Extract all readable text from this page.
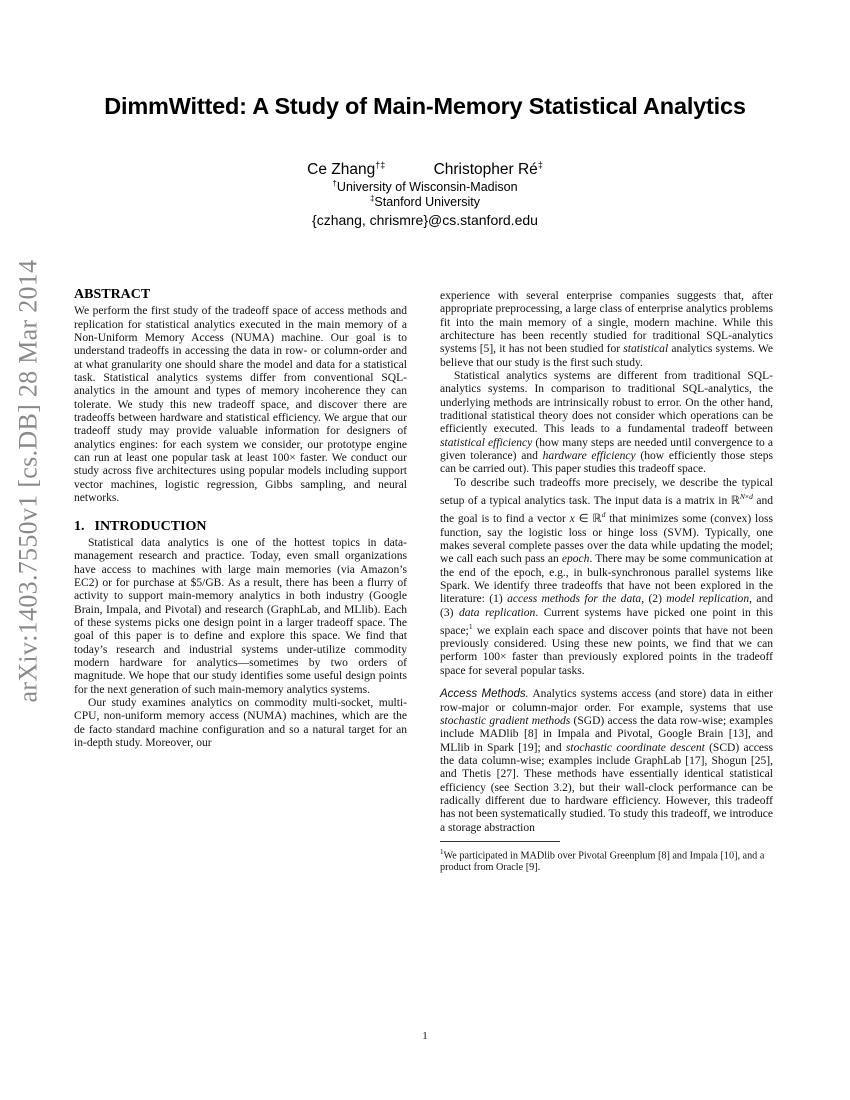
DimmWitted: A Study of Main-Memory Statistical Analytics
Ce Zhang†‡	Christopher Ré‡
†University of Wisconsin-Madison
‡Stanford University
{czhang, chrismre}@cs.stanford.edu
arXiv:1403.7550v1 [cs.DB] 28 Mar 2014 ABSTRACT

We perform the first study of the tradeoff space of access methods and replication for statistical analytics executed in the main memory of a Non-Uniform Memory Access (NUMA) machine. Our goal is to understand tradeoffs in accessing the data in row- or column-order and at what granularity one should share the model and data for a statistical task. Statistical analytics systems differ from conventional SQL-analytics in the amount and types of memory incoherence they can tolerate. We study this new tradeoff space, and discover there are tradeoffs between hardware and statistical efficiency. We argue that our tradeoff study may provide valuable information for designers of analytics engines: for each system we consider, our prototype engine can run at least one popular task at least 100× faster. We conduct our study across five architectures using popular models including support vector machines, logistic regression, Gibbs sampling, and neural networks.

1. INTRODUCTION

Statistical data analytics is one of the hottest topics in data-management research and practice. Today, even small organizations have access to machines with large main memories (via Amazon’s EC2) or for purchase at $5/GB. As a result, there has been a flurry of activity to support main-memory analytics in both industry (Google Brain, Impala, and Pivotal) and research (GraphLab, and MLlib). Each of these systems picks one design point in a larger tradeoff space. The goal of this paper is to define and explore this space. We find that today’s research and industrial systems under-utilize commodity modern hardware for analytics—sometimes by two orders of magnitude. We hope that our study identifies some useful design points for the next generation of such main-memory analytics systems.

Our study examines analytics on commodity multi-socket, multi-CPU, non-uniform memory access (NUMA) machines, which are the de facto standard machine configuration and so a natural target for an in-depth study. Moreover, our

experience with several enterprise companies suggests that, after appropriate preprocessing, a large class of enterprise analytics problems fit into the main memory of a single, modern machine. While this architecture has been recently studied for traditional SQL-analytics systems [5], it has not been studied for statistical analytics systems. We believe that our study is the first such study.

Statistical analytics systems are different from traditional SQL-analytics systems. In comparison to traditional SQL-analytics, the underlying methods are intrinsically robust to error. On the other hand, traditional statistical theory does not consider which operations can be efficiently executed. This leads to a fundamental tradeoff between statistical efficiency (how many steps are needed until convergence to a given tolerance) and hardware efficiency (how efficiently those steps can be carried out). This paper studies this tradeoff space.

To describe such tradeoffs more precisely, we describe the typical setup of a typical analytics task. The input data is a matrix in ℝ$^{N\times d}$ and the goal is to find a vector x ∈ ℝ$^d$ that minimizes some (convex) loss function, say the logistic loss or hinge loss (SVM). Typically, one makes several complete passes over the data while updating the model; we call each such pass an epoch. There may be some communication at the end of the epoch, e.g., in bulk-synchronous parallel systems like Spark. We identify three tradeoffs that have not been explored in the literature: (1) access methods for the data, (2) model replication, and (3) data replication. Current systems have picked one point in this space;$^1$ we explain each space and discover points that have not been previously considered. Using these new points, we find that we can perform 100× faster than previously explored points in the tradeoff space for several popular tasks.

Access Methods. Analytics systems access (and store) data in either row-major or column-major order. For example, systems that use stochastic gradient methods (SGD) access the data row-wise; examples include MADlib [8] in Impala and Pivotal, Google Brain [13], and MLlib in Spark [19]; and stochastic coordinate descent (SCD) access the data column-wise; examples include GraphLab [17], Shogun [25], and Thetis [27]. These methods have essentially identical statistical efficiency (see Section 3.2), but their wall-clock performance can be radically different due to hardware efficiency. However, this tradeoff has not been systematically studied. To study this tradeoff, we introduce a storage abstraction

$^1$We participated in MADlib over Pivotal Greenplum [8] and Impala [10], and a product from Oracle [9].

1
